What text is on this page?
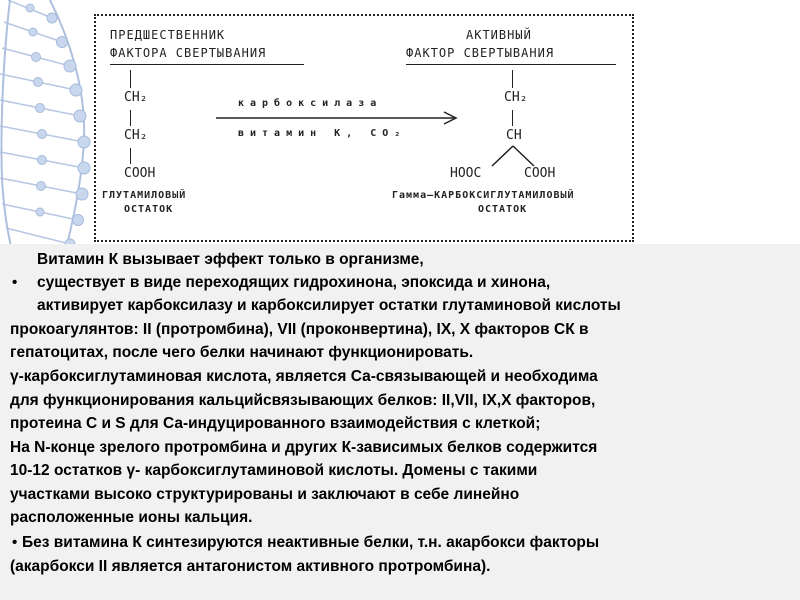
ПРЕДШЕСТВЕННИК
ФАКТОРА СВЕРТЫВАНИЯ
АКТИВНЫЙ
ФАКТОР СВЕРТЫВАНИЯ
CH₂
CH₂
COOH
ГЛУТАМИЛОВЫЙ
ОСТАТОК
карбоксилаза
витамин К, CO₂
CH₂
CH
HOOC	COOH
Гамма–КАРБОКСИГЛУТАМИЛОВЫЙ
ОСТАТОК
Витамин К вызывает эффект только в организме,
• существует в виде переходящих гидрохинона, эпоксида и хинона,
активирует карбоксилазу и карбоксилирует остатки глутаминовой кислоты
прокоагулянтов: II (протромбина), VII (проконвертина), IX, X факторов СК в
гепатоцитах, после чего белки начинают функционировать.
γ-карбоксиглутаминовая кислота, является Са-связывающей и необходима
для функционирования кальцийсвязывающих белков: II,VII, IX,X факторов,
протеина С и S для Са-индуцированного взаимодействия с клеткой;
На N-конце зрелого протромбина и других К-зависимых белков содержится
10-12 остатков γ- карбоксиглутаминовой кислоты. Домены с такими
участками высоко структурированы и заключают в себе линейно
расположенные ионы кальция.
• Без витамина К синтезируются неактивные белки, т.н. акарбокси факторы
(акарбокси II является антагонистом активного протромбина).
